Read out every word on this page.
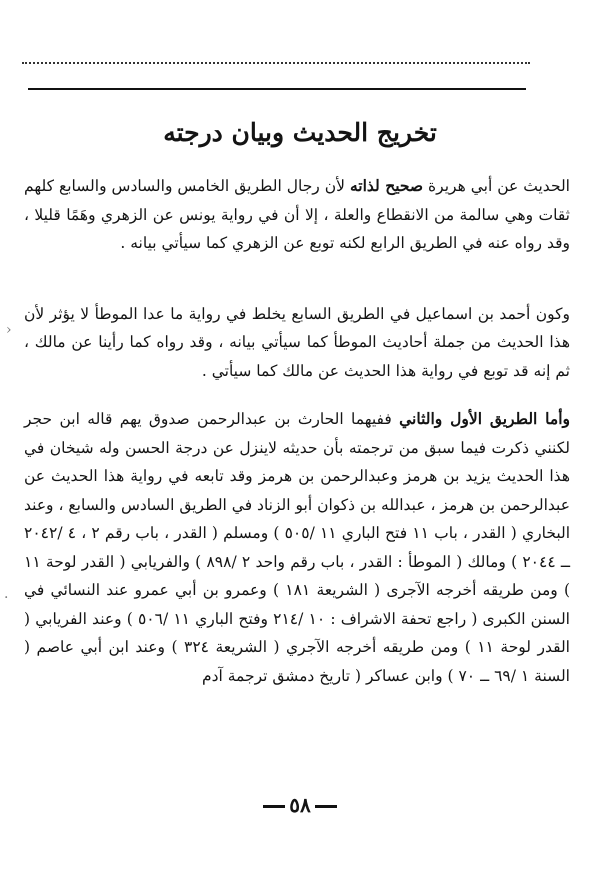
تخريج الحديث وبيان درجته

الحديث عن أبي هريرة صحيح لذاته لأن رجال الطريق الخامس والسادس والسابع كلهم ثقات وهي سالمة من الانقطاع والعلة ، إلا أن في رواية يونس عن الزهري وهَمًا قليلا ، وقد رواه عنه في الطريق الرابع لكنه توبع عن الزهري كما سيأتي بيانه .

وكون أحمد بن اسماعيل في الطريق السابع يخلط في رواية ما عدا الموطأ لا يؤثر لأن هذا الحديث من جملة أحاديث الموطأ كما سيأتي بيانه ، وقد رواه كما رأينا عن مالك ، ثم إنه قد توبع في رواية هذا الحديث عن مالك كما سيأتي .

وأما الطريق الأول والثاني ففيهما الحارث بن عبدالرحمن صدوق يهم قاله ابن حجر لكنني ذكرت فيما سبق من ترجمته بأن حديثه لاينزل عن درجة الحسن وله شيخان في هذا الحديث يزيد بن هرمز وعبدالرحمن بن هرمز وقد تابعه في رواية هذا الحديث عن عبدالرحمن بن هرمز ، عبدالله بن ذكوان أبو الزناد في الطريق السادس والسابع ، وعند البخاري ( القدر ، باب ١١ فتح الباري ١١ /٥٠٥ ) ومسلم ( القدر ، باب رقم ٢ ، ٤ /٢٠٤٢ ــ ٢٠٤٤ ) ومالك ( الموطأ : القدر ، باب رقم واحد ٢ /٨٩٨ ) والفريابي ( القدر لوحة ١١ ) ومن طريقه أخرجه الآجرى ( الشريعة ١٨١ ) وعمرو بن أبي عمرو عند النسائي في السنن الكبرى ( راجع تحفة الاشراف : ١٠ /٢١٤ وفتح الباري ١١ /٥٠٦ ) وعند الفريابي ( القدر لوحة ١١ ) ومن طريقه أخرجه الآجري ( الشريعة ٣٢٤ ) وعند ابن أبي عاصم ( السنة ١ /٦٩ ــ ٧٠ ) وابن عساكر ( تاريخ دمشق ترجمة آدم

٥٨
‹
·
